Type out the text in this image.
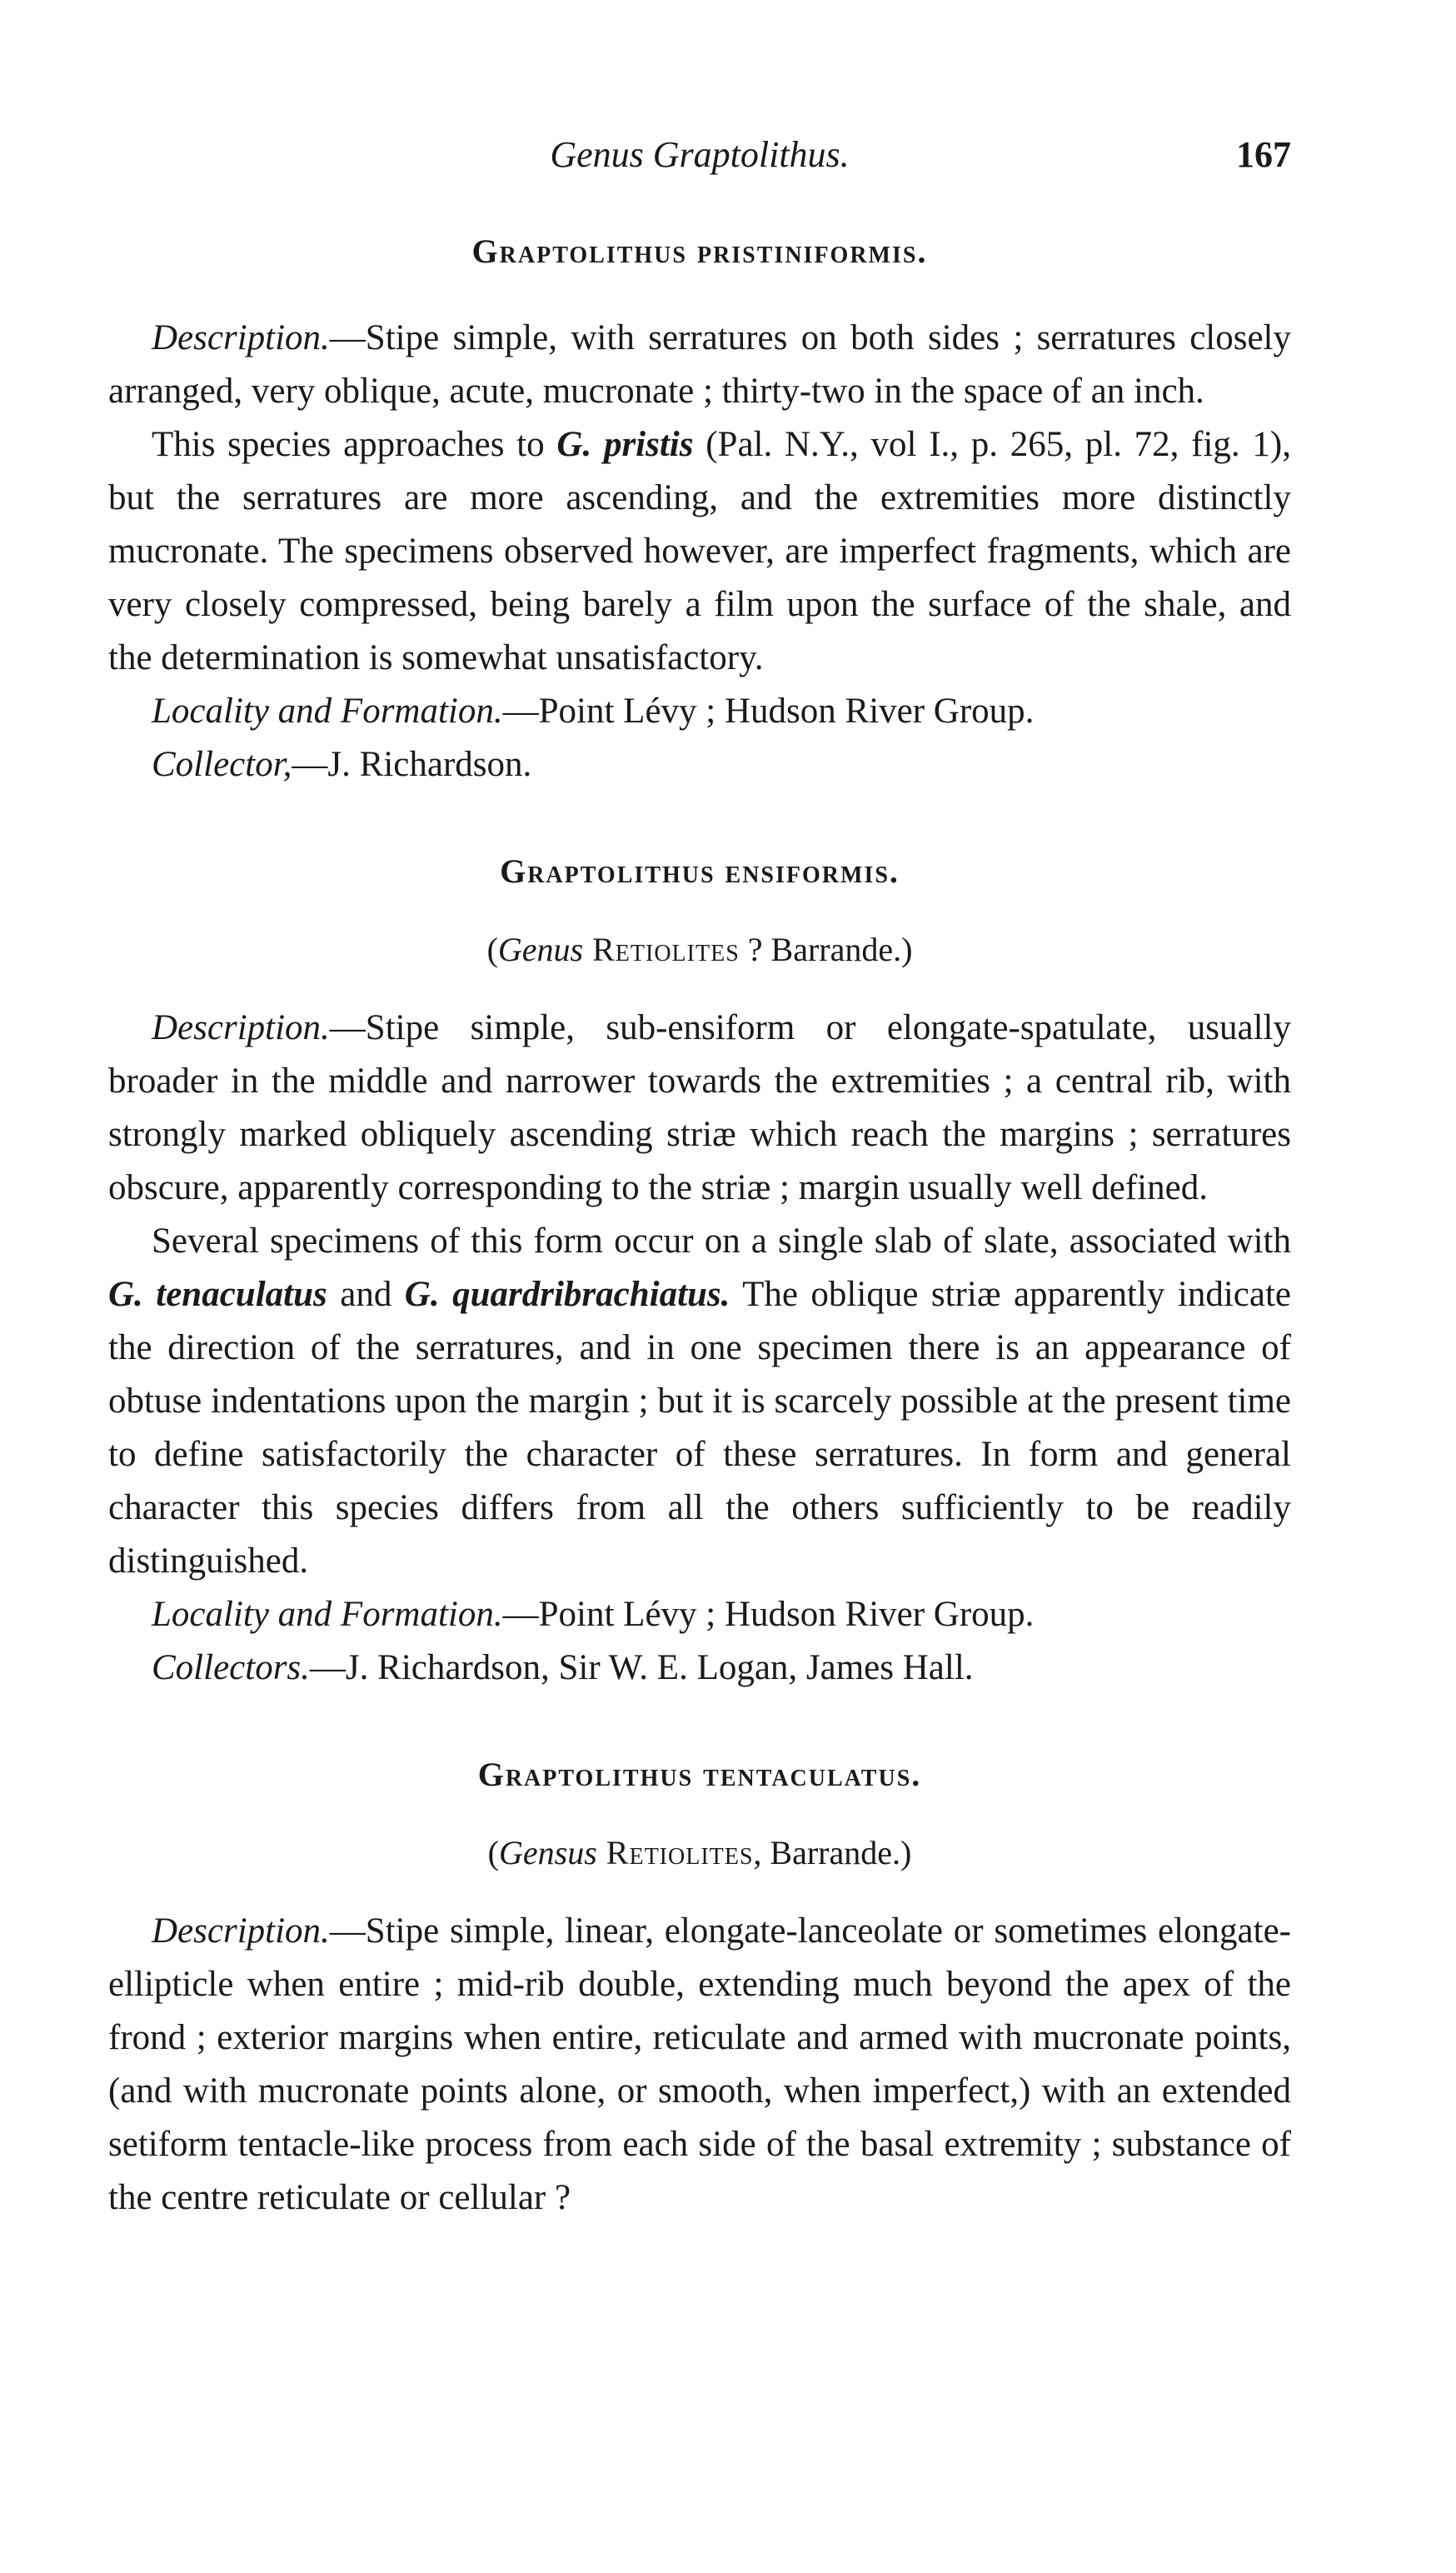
Genus Graptolithus.	167
Graptolithus pristiniformis.

Description.—Stipe simple, with serratures on both sides ; serratures closely arranged, very oblique, acute, mucronate ; thirty-two in the space of an inch.

This species approaches to G. pristis (Pal. N.Y., vol I., p. 265, pl. 72, fig. 1), but the serratures are more ascending, and the extremities more distinctly mucronate. The specimens observed however, are imperfect fragments, which are very closely compressed, being barely a film upon the surface of the shale, and the determination is somewhat unsatisfactory.

Locality and Formation.—Point Lévy ; Hudson River Group.

Collector,—J. Richardson.

Graptolithus ensiformis.
(Genus Retiolites ? Barrande.)

Description.—Stipe simple, sub-ensiform or elongate-spatulate, usually broader in the middle and narrower towards the extremities ; a central rib, with strongly marked obliquely ascending striæ which reach the margins ; serratures obscure, apparently corresponding to the striæ ; margin usually well defined.

Several specimens of this form occur on a single slab of slate, associated with G. tenaculatus and G. quardribrachiatus. The oblique striæ apparently indicate the direction of the serratures, and in one specimen there is an appearance of obtuse indentations upon the margin ; but it is scarcely possible at the present time to define satisfactorily the character of these serratures. In form and general character this species differs from all the others sufficiently to be readily distinguished.

Locality and Formation.—Point Lévy ; Hudson River Group.

Collectors.—J. Richardson, Sir W. E. Logan, James Hall.

Graptolithus tentaculatus.
(Gensus Retiolites, Barrande.)

Description.—Stipe simple, linear, elongate-lanceolate or sometimes elongate-ellipticle when entire ; mid-rib double, extending much beyond the apex of the frond ; exterior margins when entire, reticulate and armed with mucronate points, (and with mucronate points alone, or smooth, when imperfect,) with an extended setiform tentacle-like process from each side of the basal extremity ; substance of the centre reticulate or cellular ?
